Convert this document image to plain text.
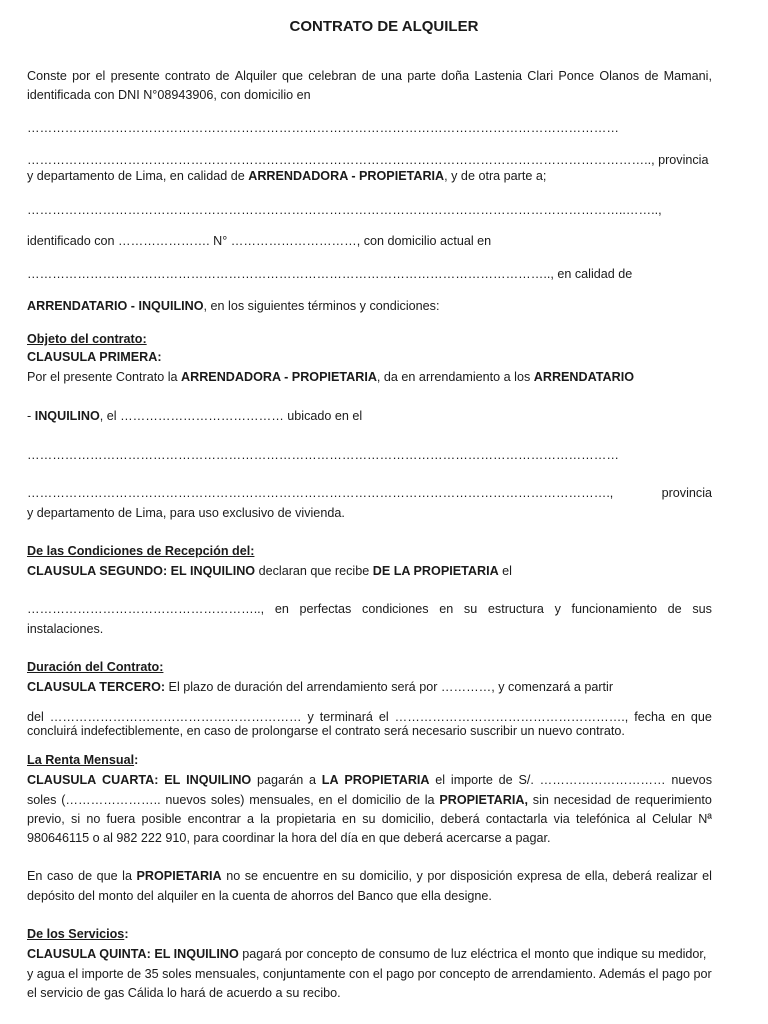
CONTRATO DE ALQUILER
Conste por el presente contrato de Alquiler que celebran de una parte doña Lastenia Clari Ponce Olanos de Mamani,
identificada con DNI N°08943906, con domicilio en
……………………………………………………………………………………………………………………………
………………………………………………………………………………………………………………………………….., provincia
y departamento de Lima, en calidad de ARRENDADORA - PROPIETARIA, y de otra parte a;
……………………………………………………………………………………………………………………………..……..,
identificado con …………………. N° …………………………, con domicilio actual en
…………………………………………………………………………………………………………….., en calidad de
ARRENDATARIO - INQUILINO, en los siguientes términos y condiciones:
Objeto del contrato:
CLAUSULA PRIMERA:
Por el presente Contrato la ARRENDADORA - PROPIETARIA, da en arrendamiento a los ARRENDATARIO
- INQUILINO, el ………………………………… ubicado en el
……………………………………………………………………………………………………………………………
………………………………………………………………………………………………………………………….,	provincia
y departamento de Lima, para uso exclusivo de vivienda.
De las Condiciones de Recepción del:
CLAUSULA SEGUNDO: EL INQUILINO declaran que recibe DE LA PROPIETARIA el
……………………………………………….., en perfectas condiciones en su estructura y funcionamiento de sus
instalaciones.
Duración del Contrato:
CLAUSULA TERCERO: El plazo de duración del arrendamiento será por …………, y comenzará a partir
del …………………………………………………… y terminará el ………………………………………………., fecha en que
concluirá indefectiblemente, en caso de prolongarse el contrato será necesario suscribir un nuevo contrato.
La Renta Mensual:
CLAUSULA CUARTA: EL INQUILINO pagarán a LA PROPIETARIA el importe de S/. ………………………… nuevos
soles (………………….. nuevos soles) mensuales, en el domicilio de la PROPIETARIA, sin necesidad de requerimiento
previo, si no fuera posible encontrar a la propietaria en su domicilio, deberá contactarla via telefónica al Celular Nª
980646115 o al 982 222 910, para coordinar la hora del día en que deberá acercarse a pagar.
En caso de que la PROPIETARIA no se encuentre en su domicilio, y por disposición expresa de ella, deberá realizar el
depósito del monto del alquiler en la cuenta de ahorros del Banco que ella designe.
De los Servicios:
CLAUSULA QUINTA: EL INQUILINO pagará por concepto de consumo de luz eléctrica el monto que indique su medidor,
y agua el importe de 35 soles mensuales, conjuntamente con el pago por concepto de arrendamiento. Además el pago por
el servicio de gas Cálida lo hará de acuerdo a su recibo.
